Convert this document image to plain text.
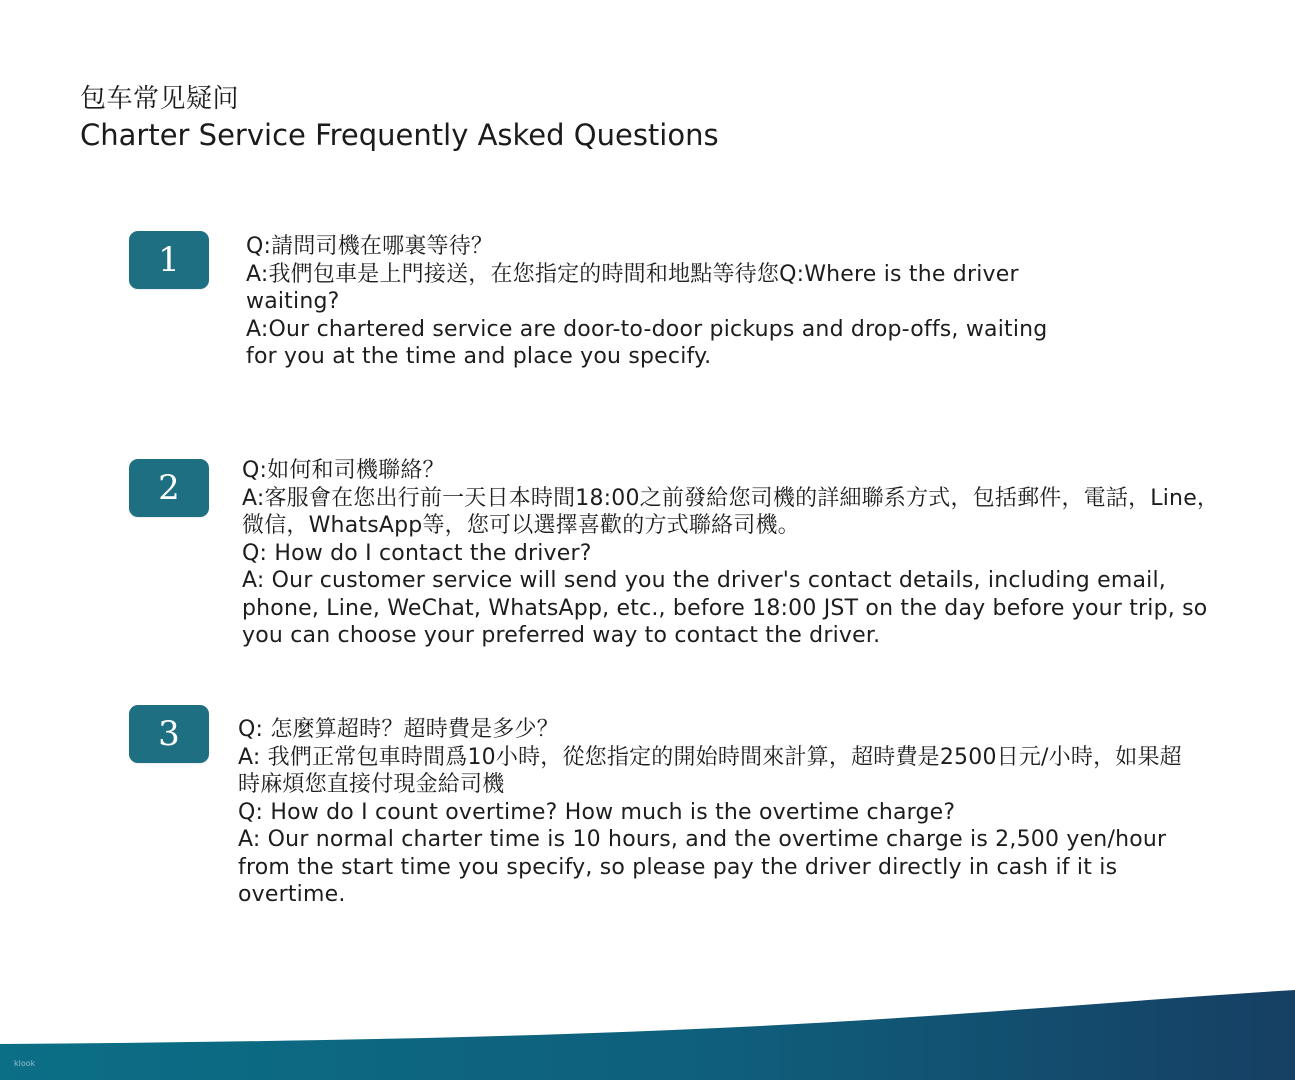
包车常见疑问
Charter Service Frequently Asked Questions
1	Q:請問司機在哪裏等待？

A:我們包車是上門接送，在您指定的時間和地點等待您Q:Where is the driver waiting?

A:Our chartered service are door-to-door pickups and drop-offs, waiting for you at the time and place you specify.

2	Q:如何和司機聯絡？

A:客服會在您出行前一天日本時間18:00之前發給您司機的詳細聯系方式，包括郵件，電話，Line，微信，WhatsApp等，您可以選擇喜歡的方式聯絡司機。

Q: How do I contact the driver?

A: Our customer service will send you the driver's contact details, including email, phone, Line, WeChat, WhatsApp, etc., before 18:00 JST on the day before your trip, so you can choose your preferred way to contact the driver.

3	Q: 怎麼算超時？超時費是多少？

A: 我們正常包車時間爲10小時，從您指定的開始時間來計算，超時費是2500日元/小時，如果超時麻煩您直接付現金給司機

Q: How do I count overtime? How much is the overtime charge?

A: Our normal charter time is 10 hours, and the overtime charge is 2,500 yen/hour from the start time you specify, so please pay the driver directly in cash if it is overtime.

klook
